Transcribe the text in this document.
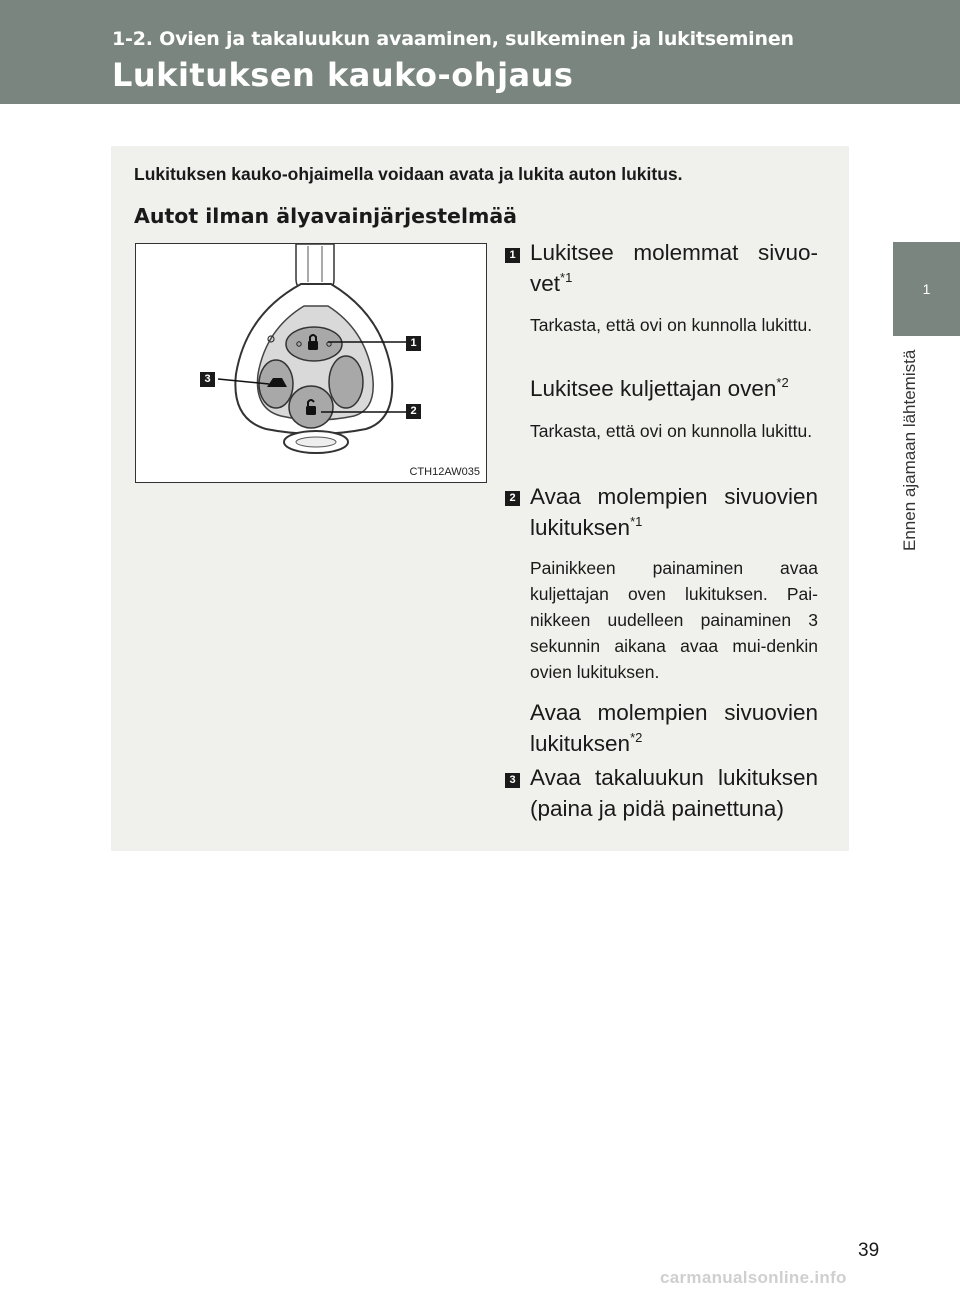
1-2. Ovien ja takaluukun avaaminen, sulkeminen ja lukitseminen
Lukituksen kauko-ohjaus
1
Ennen ajamaan lähtemistä
Lukituksen kauko-ohjaimella voidaan avata ja lukita auton lukitus.
Autot ilman älyavainjärjestelmää
1
2
3
CTH12AW035
1 Lukitsee molemmat sivuo-vet$^{*1}$
Tarkasta, että ovi on kunnolla lukittu.
Lukitsee kuljettajan oven$^{*2}$
Tarkasta, että ovi on kunnolla lukittu.
2 Avaa molempien sivuovien lukituksen$^{*1}$
Painikkeen painaminen avaa kuljettajan oven lukituksen. Pai-nikkeen uudelleen painaminen 3 sekunnin aikana avaa mui-denkin ovien lukituksen.
Avaa molempien sivuovien lukituksen$^{*2}$
3 Avaa takaluukun lukituksen (paina ja pidä painettuna)
39
carmanualsonline.info
